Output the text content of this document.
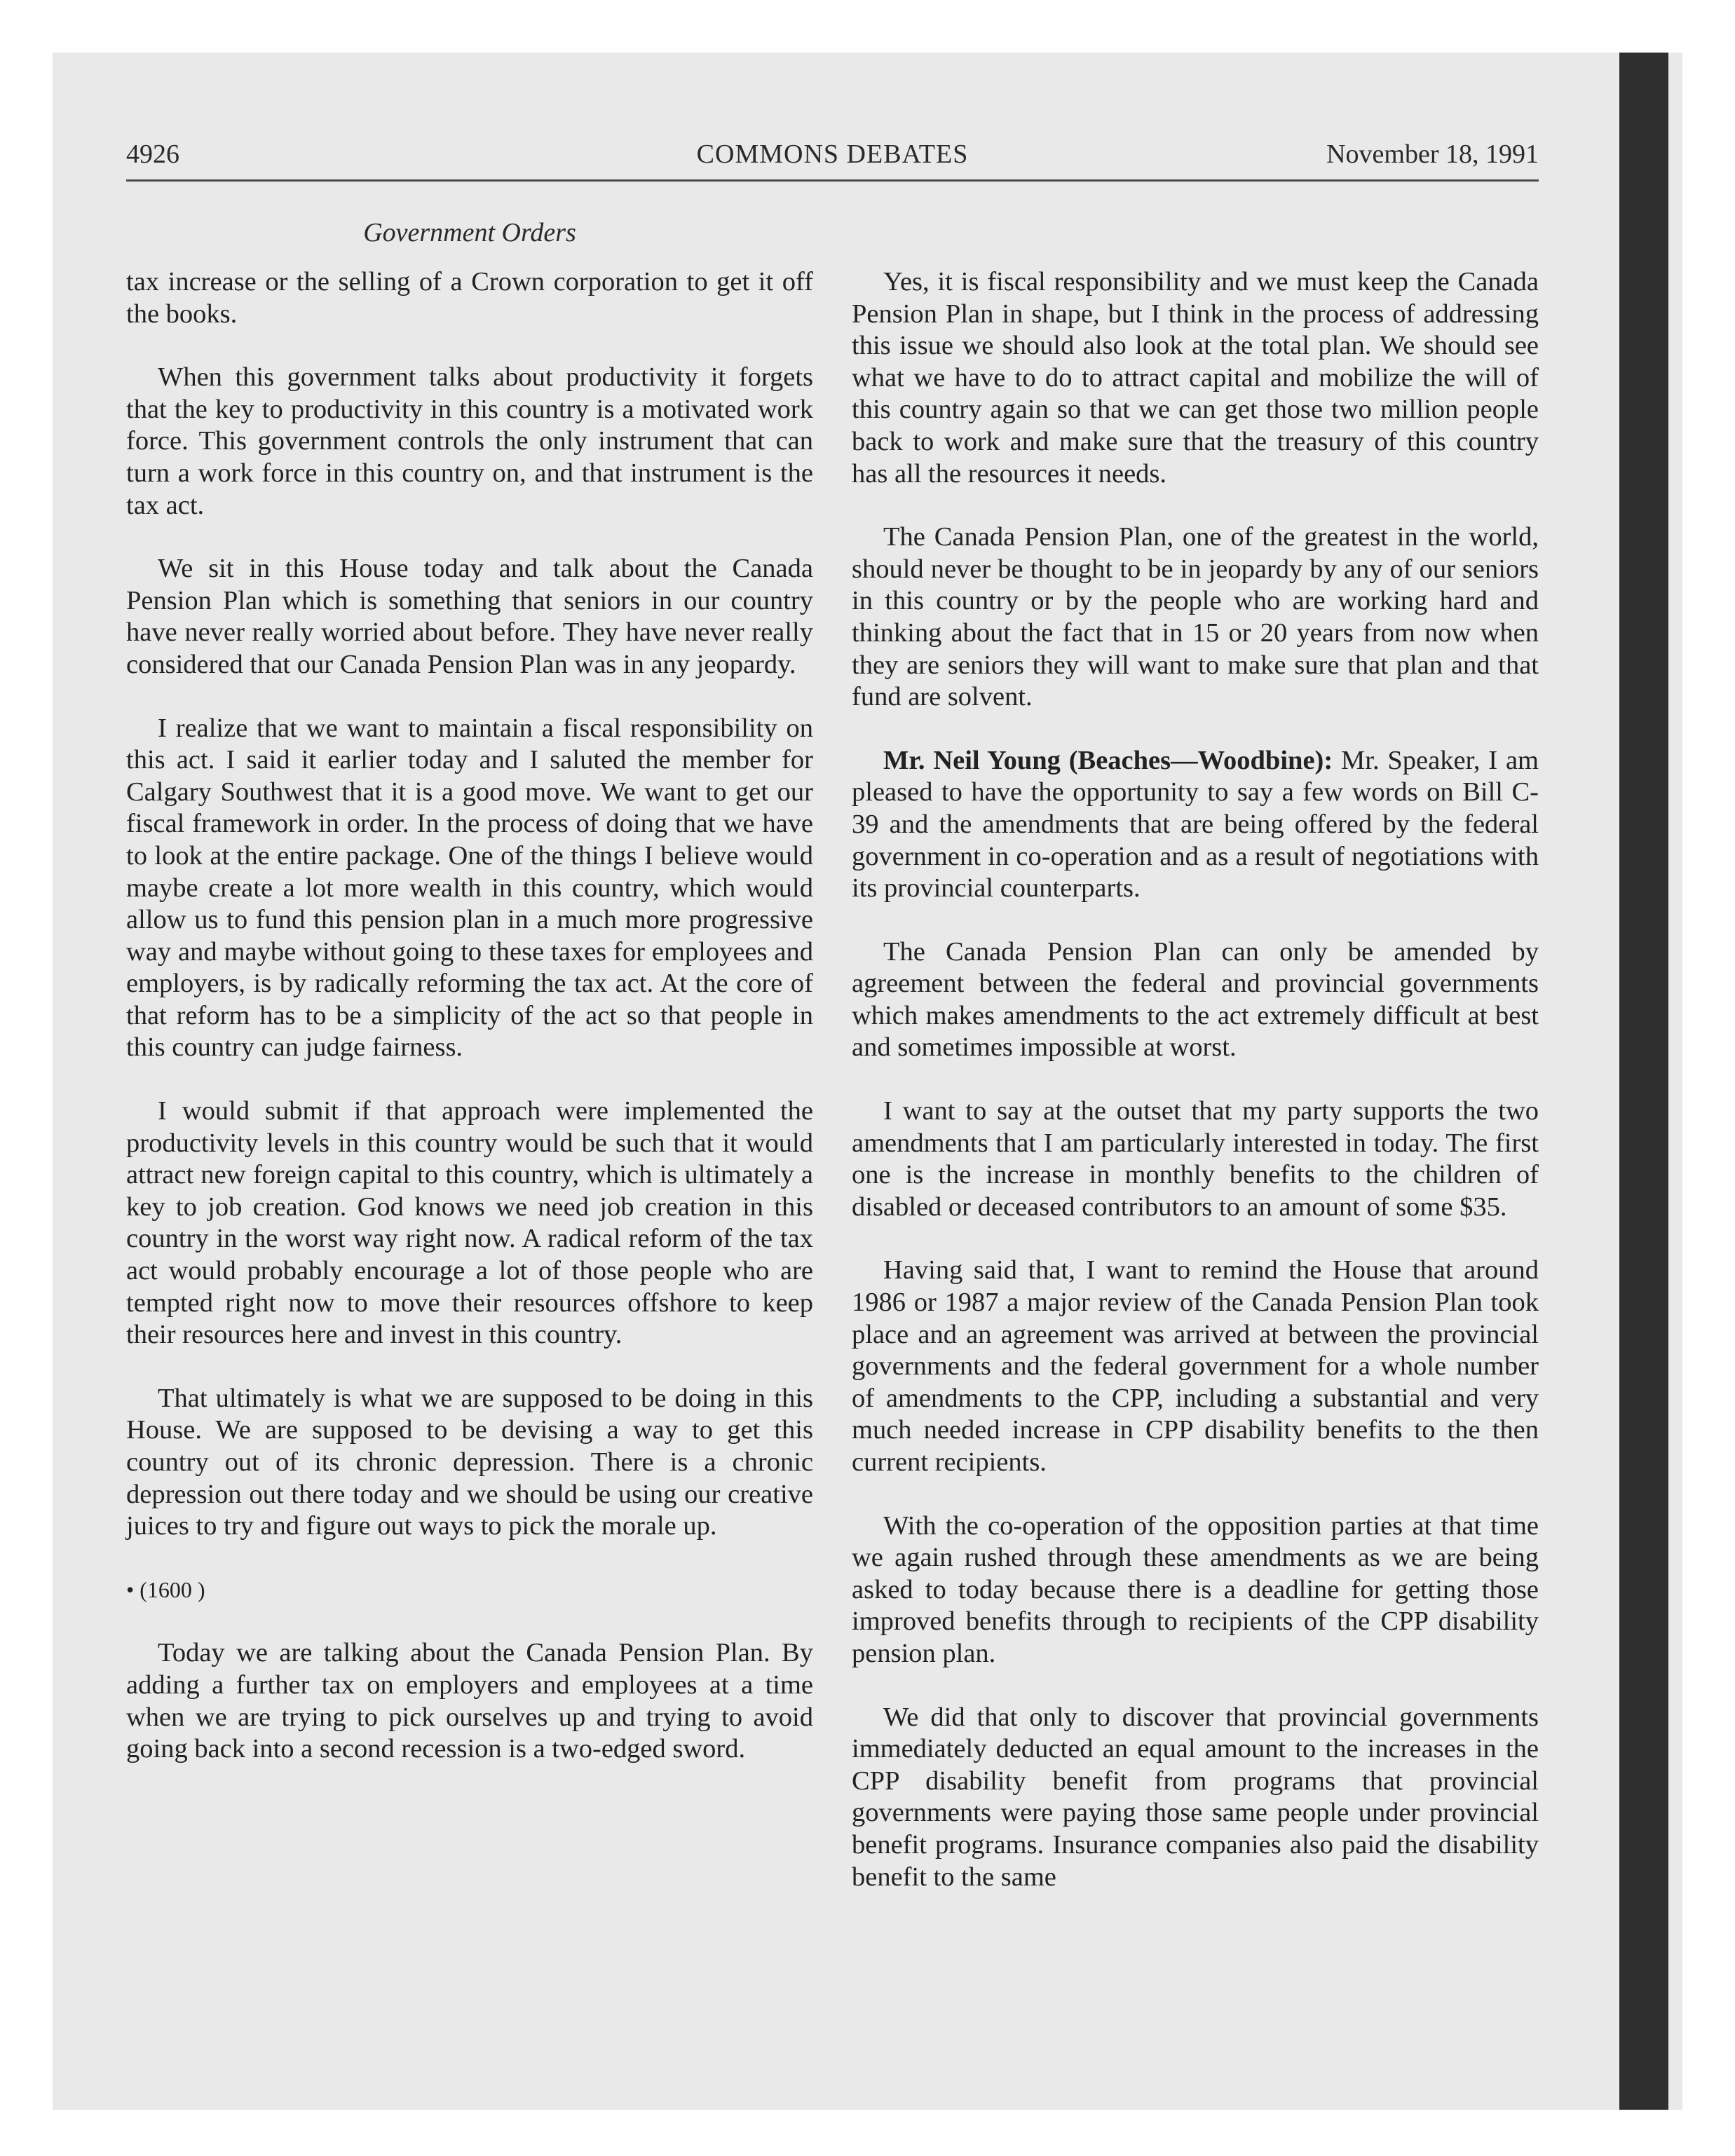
4926	COMMONS DEBATES	November 18, 1991
Government Orders

tax increase or the selling of a Crown corporation to get it off the books.

When this government talks about productivity it forgets that the key to productivity in this country is a motivated work force. This government controls the only instrument that can turn a work force in this country on, and that instrument is the tax act.

We sit in this House today and talk about the Canada Pension Plan which is something that seniors in our country have never really worried about before. They have never really considered that our Canada Pension Plan was in any jeopardy.

I realize that we want to maintain a fiscal responsibility on this act. I said it earlier today and I saluted the member for Calgary Southwest that it is a good move. We want to get our fiscal framework in order. In the process of doing that we have to look at the entire package. One of the things I believe would maybe create a lot more wealth in this country, which would allow us to fund this pension plan in a much more progressive way and maybe without going to these taxes for employees and employers, is by radically reforming the tax act. At the core of that reform has to be a simplicity of the act so that people in this country can judge fairness.

I would submit if that approach were implemented the productivity levels in this country would be such that it would attract new foreign capital to this country, which is ultimately a key to job creation. God knows we need job creation in this country in the worst way right now. A radical reform of the tax act would probably encourage a lot of those people who are tempted right now to move their resources offshore to keep their resources here and invest in this country.

That ultimately is what we are supposed to be doing in this House. We are supposed to be devising a way to get this country out of its chronic depression. There is a chronic depression out there today and we should be using our creative juices to try and figure out ways to pick the morale up.

• (1600 )

Today we are talking about the Canada Pension Plan. By adding a further tax on employers and employees at a time when we are trying to pick ourselves up and trying to avoid going back into a second recession is a two-edged sword.

Yes, it is fiscal responsibility and we must keep the Canada Pension Plan in shape, but I think in the process of addressing this issue we should also look at the total plan. We should see what we have to do to attract capital and mobilize the will of this country again so that we can get those two million people back to work and make sure that the treasury of this country has all the resources it needs.

The Canada Pension Plan, one of the greatest in the world, should never be thought to be in jeopardy by any of our seniors in this country or by the people who are working hard and thinking about the fact that in 15 or 20 years from now when they are seniors they will want to make sure that plan and that fund are solvent.

Mr. Neil Young (Beaches—Woodbine): Mr. Speaker, I am pleased to have the opportunity to say a few words on Bill C-39 and the amendments that are being offered by the federal government in co-operation and as a result of negotiations with its provincial counterparts.

The Canada Pension Plan can only be amended by agreement between the federal and provincial governments which makes amendments to the act extremely difficult at best and sometimes impossible at worst.

I want to say at the outset that my party supports the two amendments that I am particularly interested in today. The first one is the increase in monthly benefits to the children of disabled or deceased contributors to an amount of some $35.

Having said that, I want to remind the House that around 1986 or 1987 a major review of the Canada Pension Plan took place and an agreement was arrived at between the provincial governments and the federal government for a whole number of amendments to the CPP, including a substantial and very much needed increase in CPP disability benefits to the then current recipients.

With the co-operation of the opposition parties at that time we again rushed through these amendments as we are being asked to today because there is a deadline for getting those improved benefits through to recipients of the CPP disability pension plan.

We did that only to discover that provincial governments immediately deducted an equal amount to the increases in the CPP disability benefit from programs that provincial governments were paying those same people under provincial benefit programs. Insurance companies also paid the disability benefit to the same
